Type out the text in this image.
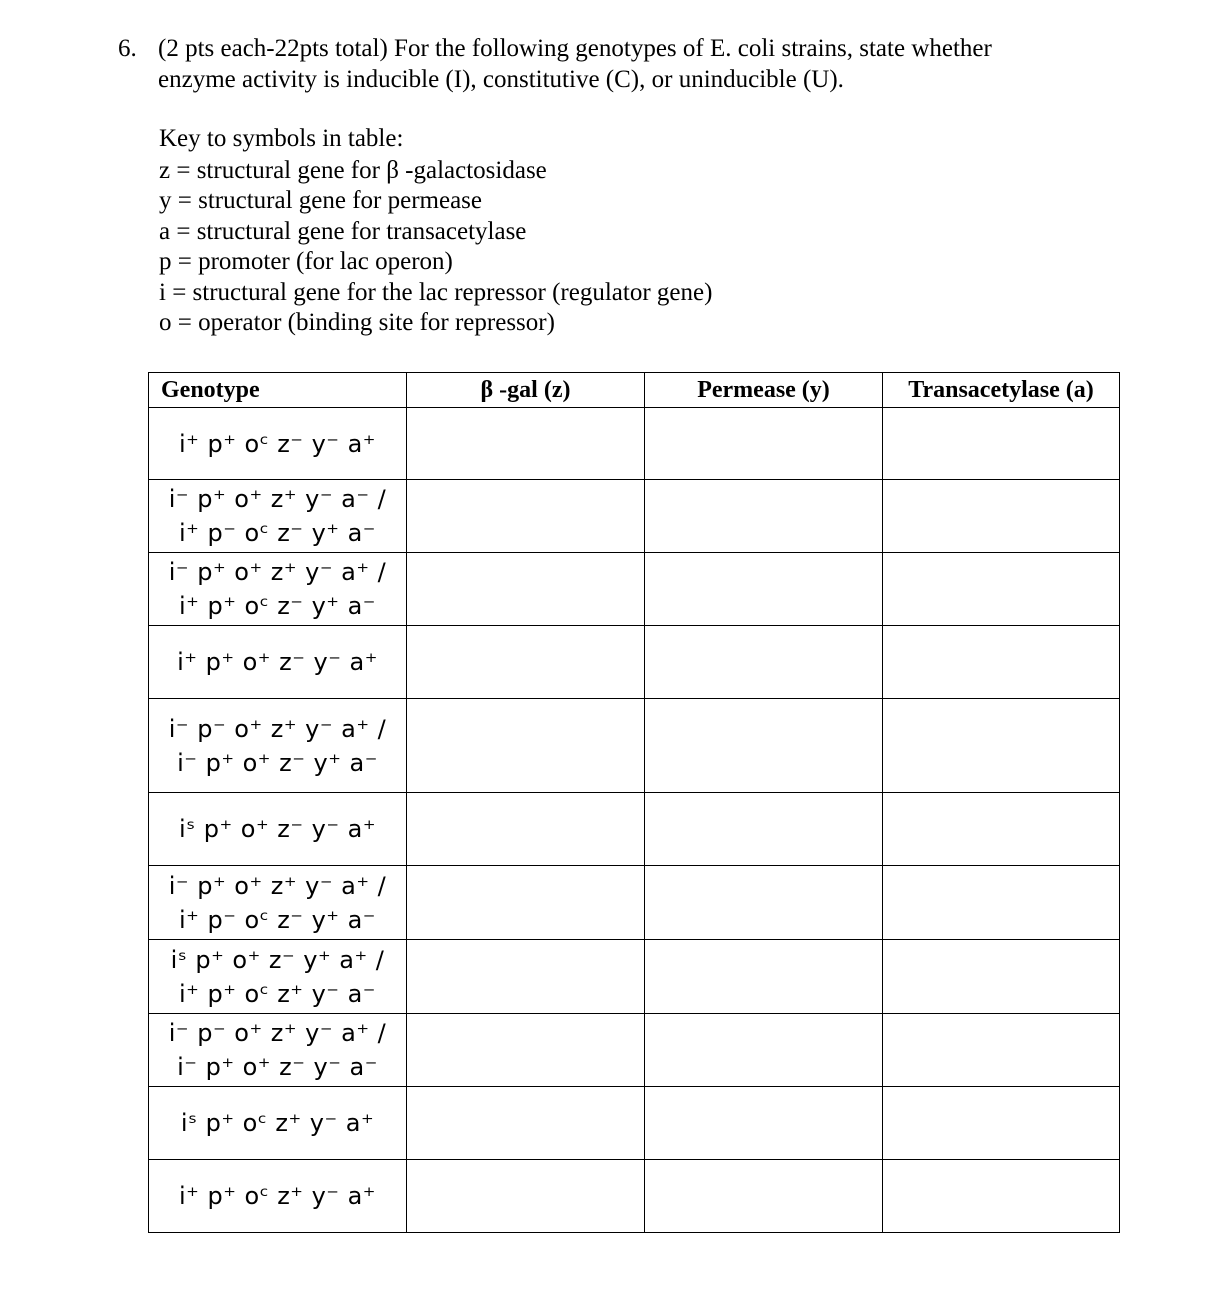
6. (2 pts each-22pts total) For the following genotypes of E. coli strains, state whether
enzyme activity is inducible (I), constitutive (C), or uninducible (U).
Key to symbols in table:
z = structural gene for β -galactosidase
y = structural gene for permease
a = structural gene for transacetylase
p = promoter (for lac operon)
i = structural gene for the lac repressor (regulator gene)
o = operator (binding site for repressor)
Genotype	β -gal (z)	Permease (y)	Transacetylase (a)

i⁺ p⁺ oᶜ z⁻ y⁻ a⁺			

i⁻ p⁺ o⁺ z⁺ y⁻ a⁻ /
i⁺ p⁻ oᶜ z⁻ y⁺ a⁻			

i⁻ p⁺ o⁺ z⁺ y⁻ a⁺ /
i⁺ p⁺ oᶜ z⁻ y⁺ a⁻			

i⁺ p⁺ o⁺ z⁻ y⁻ a⁺			

i⁻ p⁻ o⁺ z⁺ y⁻ a⁺ /
i⁻ p⁺ o⁺ z⁻ y⁺ a⁻			

iˢ p⁺ o⁺ z⁻ y⁻ a⁺			

i⁻ p⁺ o⁺ z⁺ y⁻ a⁺ /
i⁺ p⁻ oᶜ z⁻ y⁺ a⁻			

iˢ p⁺ o⁺ z⁻ y⁺ a⁺ /
i⁺ p⁺ oᶜ z⁺ y⁻ a⁻			

i⁻ p⁻ o⁺ z⁺ y⁻ a⁺ /
i⁻ p⁺ o⁺ z⁻ y⁻ a⁻			

iˢ p⁺ oᶜ z⁺ y⁻ a⁺			

i⁺ p⁺ oᶜ z⁺ y⁻ a⁺			
